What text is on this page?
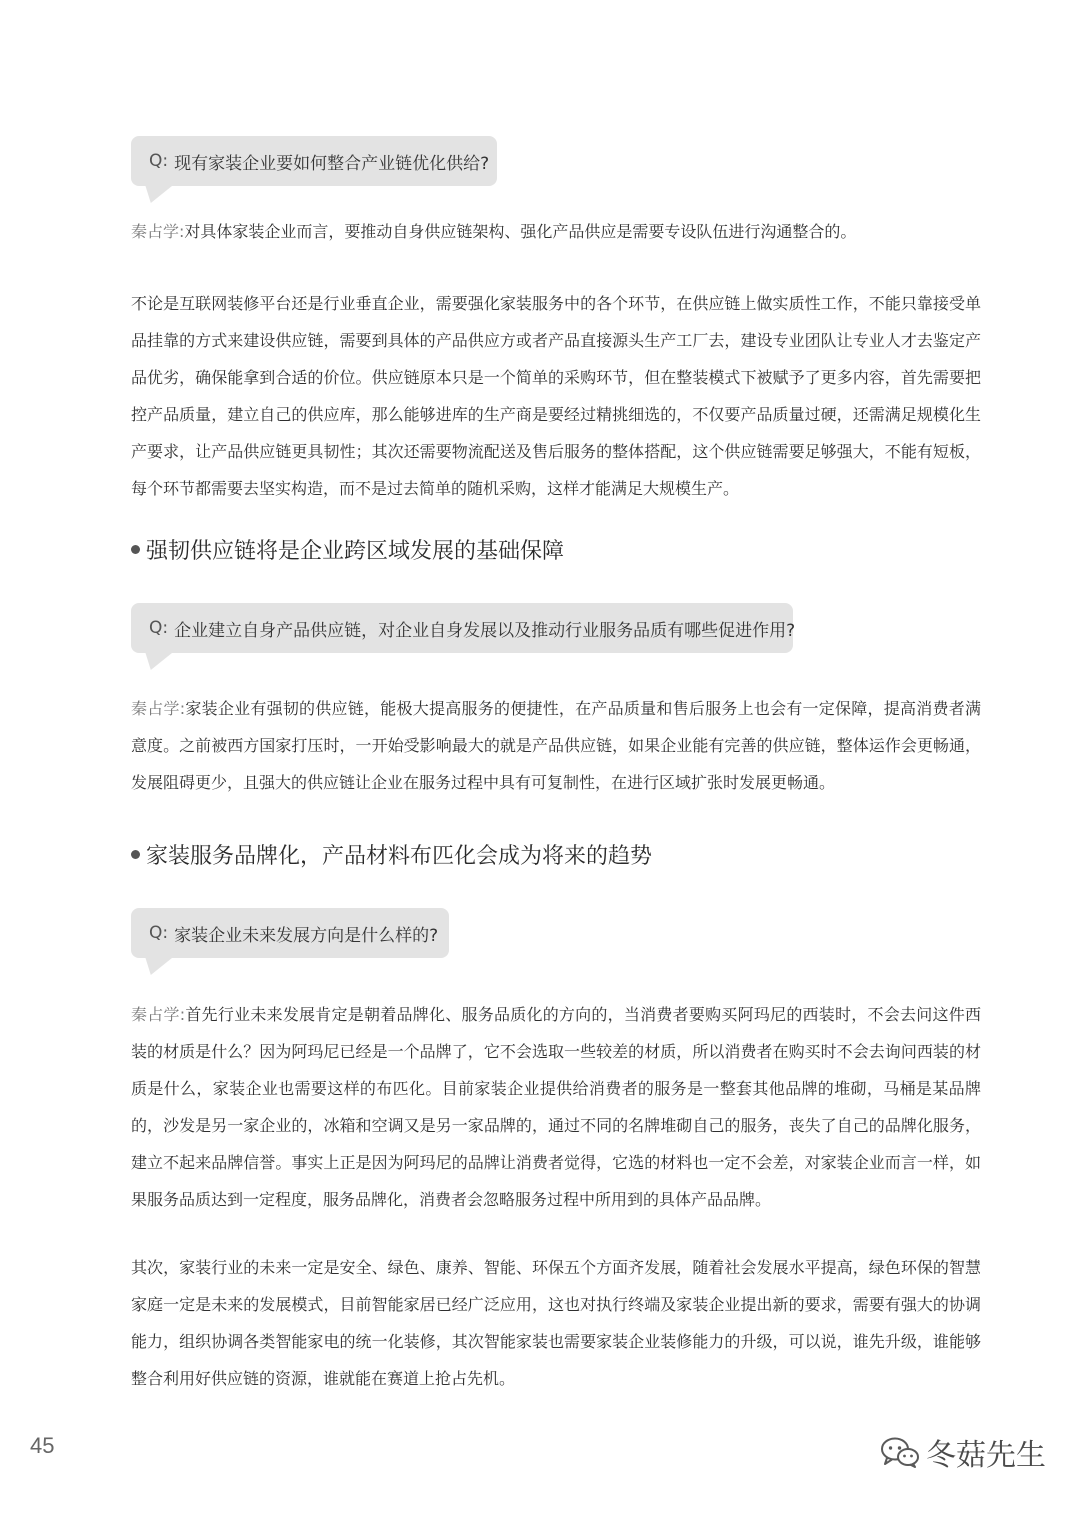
Q: 现有家装企业要如何整合产业链优化供给?

秦占学:对具体家装企业而言，要推动自身供应链架构、强化产品供应是需要专设队伍进行沟通整合的。

不论是互联网装修平台还是行业垂直企业，需要强化家装服务中的各个环节，在供应链上做实质性工作，不能只靠接受单品挂靠的方式来建设供应链，需要到具体的产品供应方或者产品直接源头生产工厂去，建设专业团队让专业人才去鉴定产品优劣，确保能拿到合适的价位。供应链原本只是一个简单的采购环节，但在整装模式下被赋予了更多内容，首先需要把控产品质量，建立自己的供应库，那么能够进库的生产商是要经过精挑细选的，不仅要产品质量过硬，还需满足规模化生产要求，让产品供应链更具韧性；其次还需要物流配送及售后服务的整体搭配，这个供应链需要足够强大，不能有短板，每个环节都需要去坚实构造，而不是过去简单的随机采购，这样才能满足大规模生产。

强韧供应链将是企业跨区域发展的基础保障
Q: 企业建立自身产品供应链，对企业自身发展以及推动行业服务品质有哪些促进作用?

秦占学:家装企业有强韧的供应链，能极大提高服务的便捷性，在产品质量和售后服务上也会有一定保障，提高消费者满意度。之前被西方国家打压时，一开始受影响最大的就是产品供应链，如果企业能有完善的供应链，整体运作会更畅通，发展阻碍更少，且强大的供应链让企业在服务过程中具有可复制性，在进行区域扩张时发展更畅通。

家装服务品牌化，产品材料布匹化会成为将来的趋势
Q: 家装企业未来发展方向是什么样的?

秦占学:首先行业未来发展肯定是朝着品牌化、服务品质化的方向的，当消费者要购买阿玛尼的西装时，不会去问这件西装的材质是什么？因为阿玛尼已经是一个品牌了，它不会选取一些较差的材质，所以消费者在购买时不会去询问西装的材质是什么，家装企业也需要这样的布匹化。目前家装企业提供给消费者的服务是一整套其他品牌的堆砌，马桶是某品牌的，沙发是另一家企业的，冰箱和空调又是另一家品牌的，通过不同的名牌堆砌自己的服务，丧失了自己的品牌化服务，建立不起来品牌信誉。事实上正是因为阿玛尼的品牌让消费者觉得，它选的材料也一定不会差，对家装企业而言一样，如果服务品质达到一定程度，服务品牌化，消费者会忽略服务过程中所用到的具体产品品牌。

其次，家装行业的未来一定是安全、绿色、康养、智能、环保五个方面齐发展，随着社会发展水平提高，绿色环保的智慧家庭一定是未来的发展模式，目前智能家居已经广泛应用，这也对执行终端及家装企业提出新的要求，需要有强大的协调能力，组织协调各类智能家电的统一化装修，其次智能家装也需要家装企业装修能力的升级，可以说，谁先升级，谁能够整合利用好供应链的资源，谁就能在赛道上抢占先机。

45	冬菇先生
